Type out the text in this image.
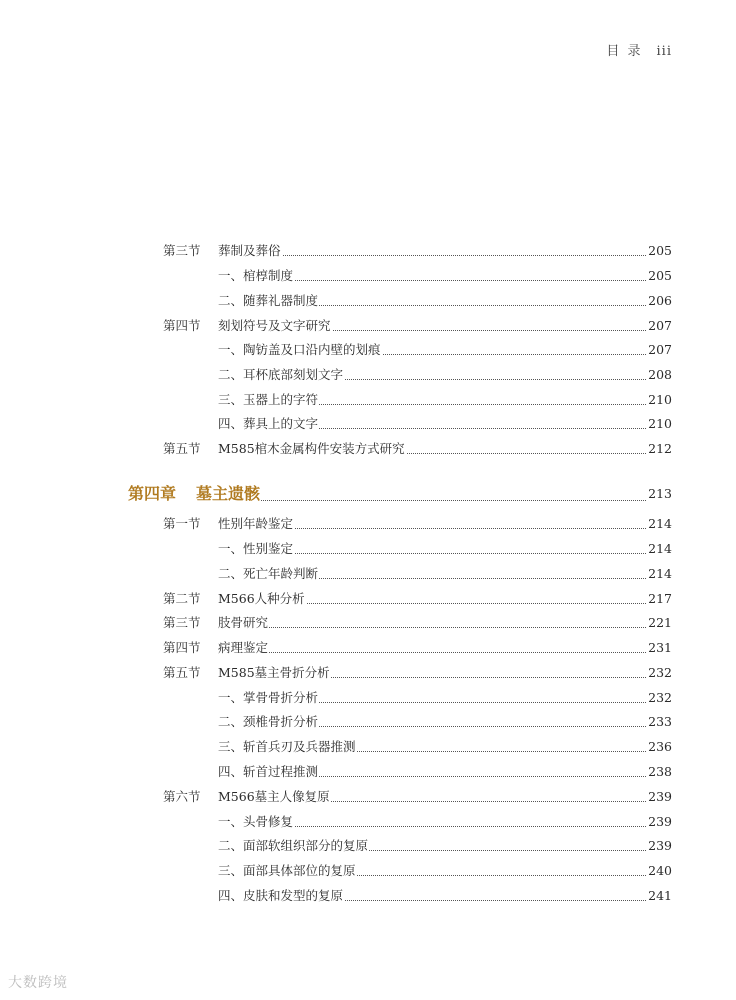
目 录 iii
第三节 葬制及葬俗	205
一、棺椁制度	205
二、随葬礼器制度	206
第四节 刻划符号及文字研究	207
一、陶钫盖及口沿内壁的划痕	207
二、耳杯底部刻划文字	208
三、玉器上的字符	210
四、葬具上的文字	210
第五节 M585棺木金属构件安装方式研究	212
第四章 墓主遗骸	213
第一节 性别年龄鉴定	214
一、性别鉴定	214
二、死亡年龄判断	214
第二节 M566人种分析	217
第三节 肢骨研究	221
第四节 病理鉴定	231
第五节 M585墓主骨折分析	232
一、掌骨骨折分析	232
二、颈椎骨折分析	233
三、斩首兵刃及兵器推测	236
四、斩首过程推测	238
第六节 M566墓主人像复原	239
一、头骨修复	239
二、面部软组织部分的复原	239
三、面部具体部位的复原	240
四、皮肤和发型的复原	241
大数跨境
